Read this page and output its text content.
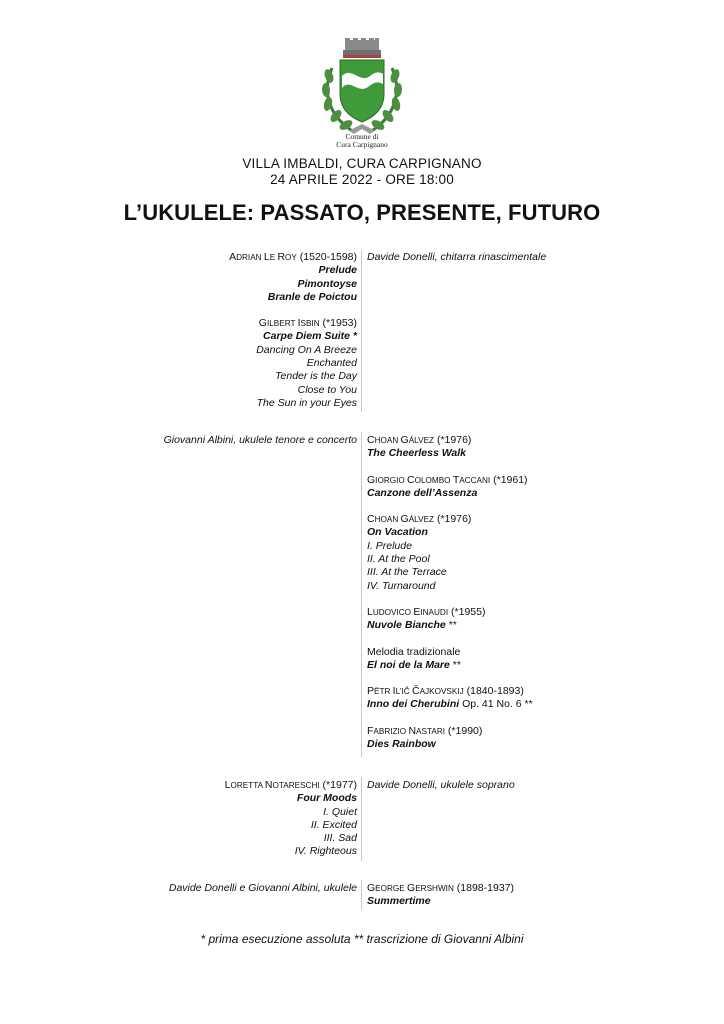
Comune di
Cura Carpignano
VILLA IMBALDI, CURA CARPIGNANO
24 APRILE 2022 - ORE 18:00
L’UKULELE: PASSATO, PRESENTE, FUTURO
ADRIAN LE ROY (1520-1598)
Prelude
Pimontoyse
Branle de Poictou
GILBERT ISBIN (*1953)
Carpe Diem Suite *
Dancing On A Breeze
Enchanted
Tender is the Day
Close to You
The Sun in your Eyes
Davide Donelli, chitarra rinascimentale
Giovanni Albini, ukulele tenore e concerto CHOAN GÁLVEZ (*1976)
The Cheerless Walk
GIORGIO COLOMBO TACCANI (*1961)
Canzone dell’Assenza
CHOAN GÁLVEZ (*1976)
On Vacation
I. Prelude
II. At the Pool
III. At the Terrace
IV. Turnaround
LUDOVICO EINAUDI (*1955)
Nuvole Bianche **
Melodia tradizionale
El noi de la Mare **
PËTR IL’IČ ČAJKOVSKIJ (1840-1893)
Inno dei Cherubini Op. 41 No. 6 **
FABRIZIO NASTARI (*1990)
Dies Rainbow
LORETTA NOTARESCHI (*1977)
Four Moods
I. Quiet
II. Excited
III. Sad
IV. Righteous
Davide Donelli, ukulele soprano
Davide Donelli e Giovanni Albini, ukulele GEORGE GERSHWIN (1898-1937)
Summertime
* prima esecuzione assoluta ** trascrizione di Giovanni Albini
